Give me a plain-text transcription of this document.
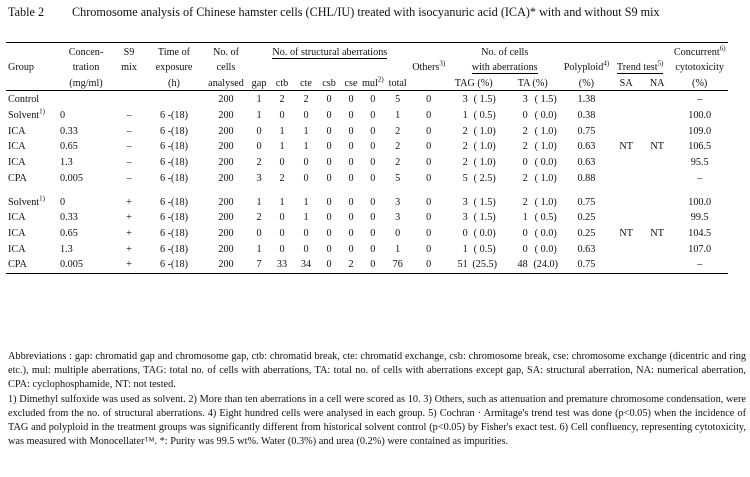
Table 2 Chromosome analysis of Chinese hamster cells (CHL/IU) treated with isocyanuric acid (ICA)* with and without S9 mix

	Concen-	S9	Time of	No. of	No. of structural aberrations								No. of cells							Concurrent$^{6)}$
Group	tration	mix	exposure	cells								Others$^{3)}$	with aberrations				Polyploid$^{4)}$	Trend test$^{5)}$		cytotoxicity
	(mg/ml)		(h)	analysed	gap	ctb	cte	csb	cse	mul$^{2)}$	total		TAG (%)		TA (%)		(%)	SA	NA	(%)

Control				200	1	2	2	0	0	0	5	0	3	( 1.5)	3	( 1.5)	1.38			–
Solvent$^{1)}$	0	–	6 -(18)	200	1	0	0	0	0	0	1	0	1	( 0.5)	0	( 0.0)	0.38			100.0
ICA	0.33	–	6 -(18)	200	0	1	1	0	0	0	2	0	2	( 1.0)	2	( 1.0)	0.75			109.0
ICA	0.65	–	6 -(18)	200	0	1	1	0	0	0	2	0	2	( 1.0)	2	( 1.0)	0.63	NT	NT	106.5
ICA	1.3	–	6 -(18)	200	2	0	0	0	0	0	2	0	2	( 1.0)	0	( 0.0)	0.63			95.5
CPA	0.005	–	6 -(18)	200	3	2	0	0	0	0	5	0	5	( 2.5)	2	( 1.0)	0.88			–

Solvent$^{1)}$	0	+	6 -(18)	200	1	1	1	0	0	0	3	0	3	( 1.5)	2	( 1.0)	0.75			100.0
ICA	0.33	+	6 -(18)	200	2	0	1	0	0	0	3	0	3	( 1.5)	1	( 0.5)	0.25			99.5
ICA	0.65	+	6 -(18)	200	0	0	0	0	0	0	0	0	0	( 0.0)	0	( 0.0)	0.25	NT	NT	104.5
ICA	1.3	+	6 -(18)	200	1	0	0	0	0	0	1	0	1	( 0.5)	0	( 0.0)	0.63			107.0
CPA	0.005	+	6 -(18)	200	7	33	34	0	2	0	76	0	51	(25.5)	48	(24.0)	0.75			–

Abbreviations : gap: chromatid gap and chromosome gap, ctb: chromatid break, cte: chromatid exchange, csb: chromosome break, cse: chromosome exchange (dicentric and ring etc.), mul: multiple aberrations, TAG: total no. of cells with aberrations, TA: total no. of cells with aberrations except gap, SA: structural aberration, NA: numerical aberration, CPA: cyclophosphamide, NT: not tested.

1) Dimethyl sulfoxide was used as solvent. 2) More than ten aberrations in a cell were scored as 10. 3) Others, such as attenuation and premature chromosome condensation, were excluded from the no. of structural aberrations. 4) Eight hundred cells were analysed in each group. 5) Cochran · Armitage's trend test was done (p<0.05) when the incidence of TAG and polyploid in the treatment groups was significantly different from historical solvent control (p<0.05) by Fisher's exact test. 6) Cell confluency, representing cytotoxicity, was measured with Monocellater™. *: Purity was 99.5 wt%. Water (0.3%) and urea (0.2%) were contained as impurities.
